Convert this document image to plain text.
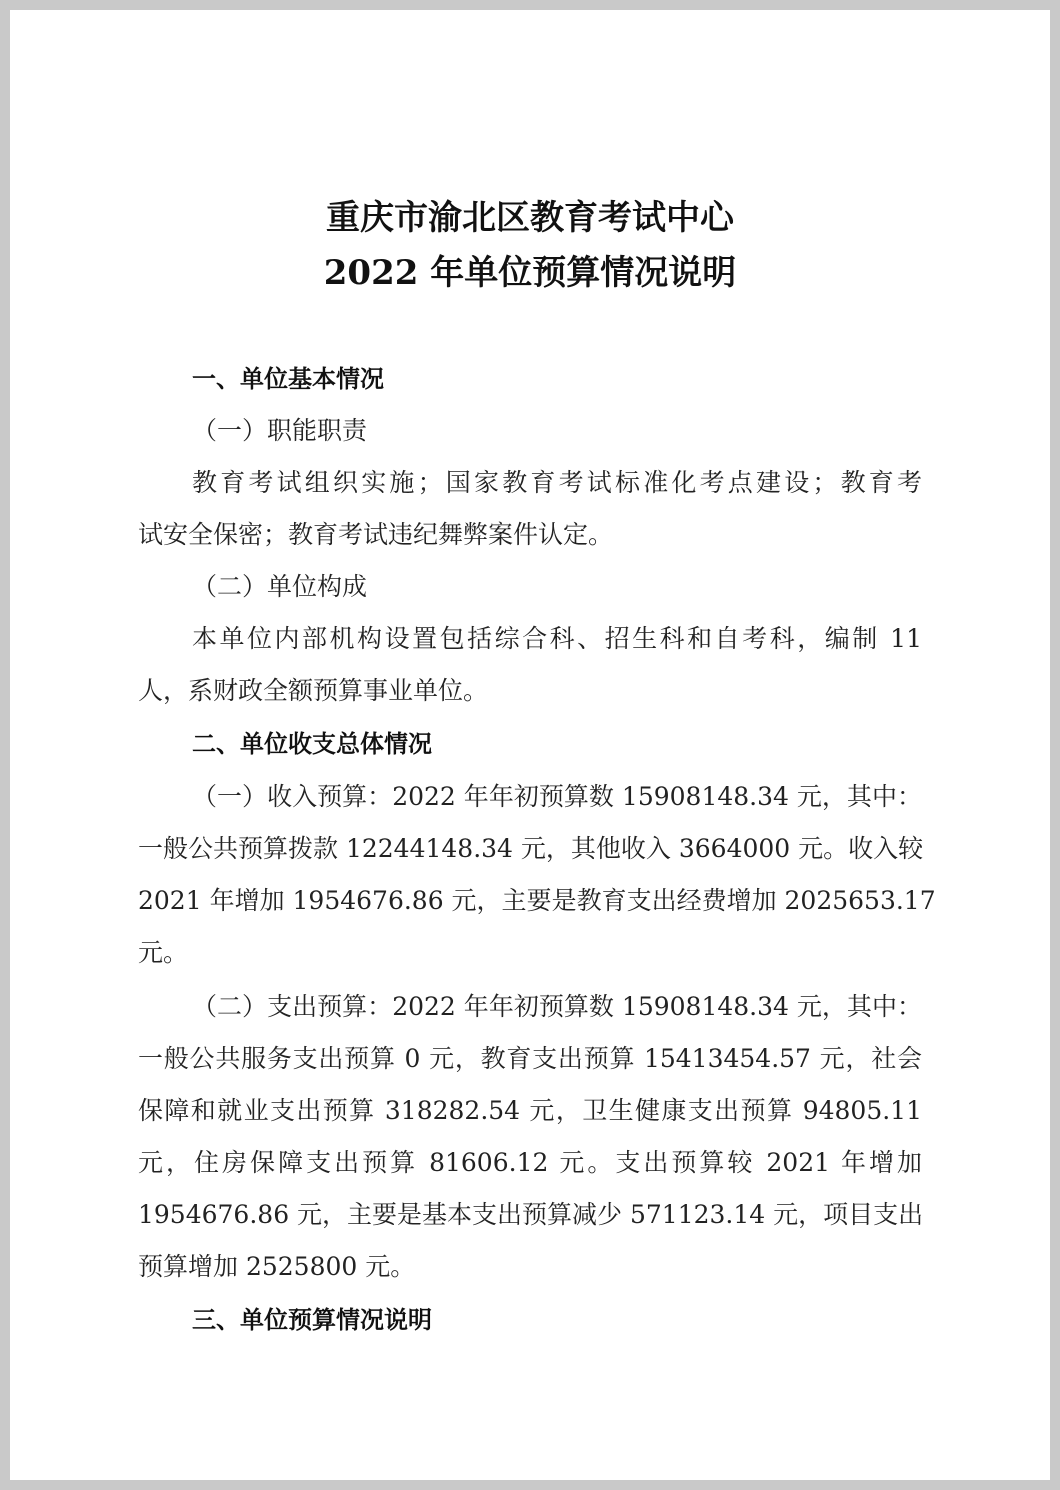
重庆市渝北区教育考试中心
2022 年单位预算情况说明
一、单位基本情况
（一）职能职责
教育考试组织实施；国家教育考试标准化考点建设；教育考
试安全保密；教育考试违纪舞弊案件认定。
（二）单位构成
本单位内部机构设置包括综合科、招生科和自考科，编制 11
人，系财政全额预算事业单位。
二、单位收支总体情况
（一）收入预算：2022 年年初预算数 15908148.34 元，其中：
一般公共预算拨款 12244148.34 元，其他收入 3664000 元。收入较
2021 年增加 1954676.86 元，主要是教育支出经费增加 2025653.17
元。
（二）支出预算：2022 年年初预算数 15908148.34 元，其中：
一般公共服务支出预算 0 元，教育支出预算 15413454.57 元，社会
保障和就业支出预算 318282.54 元，卫生健康支出预算 94805.11
元，住房保障支出预算 81606.12 元。支出预算较 2021 年增加
1954676.86 元，主要是基本支出预算减少 571123.14 元，项目支出
预算增加 2525800 元。
三、单位预算情况说明
